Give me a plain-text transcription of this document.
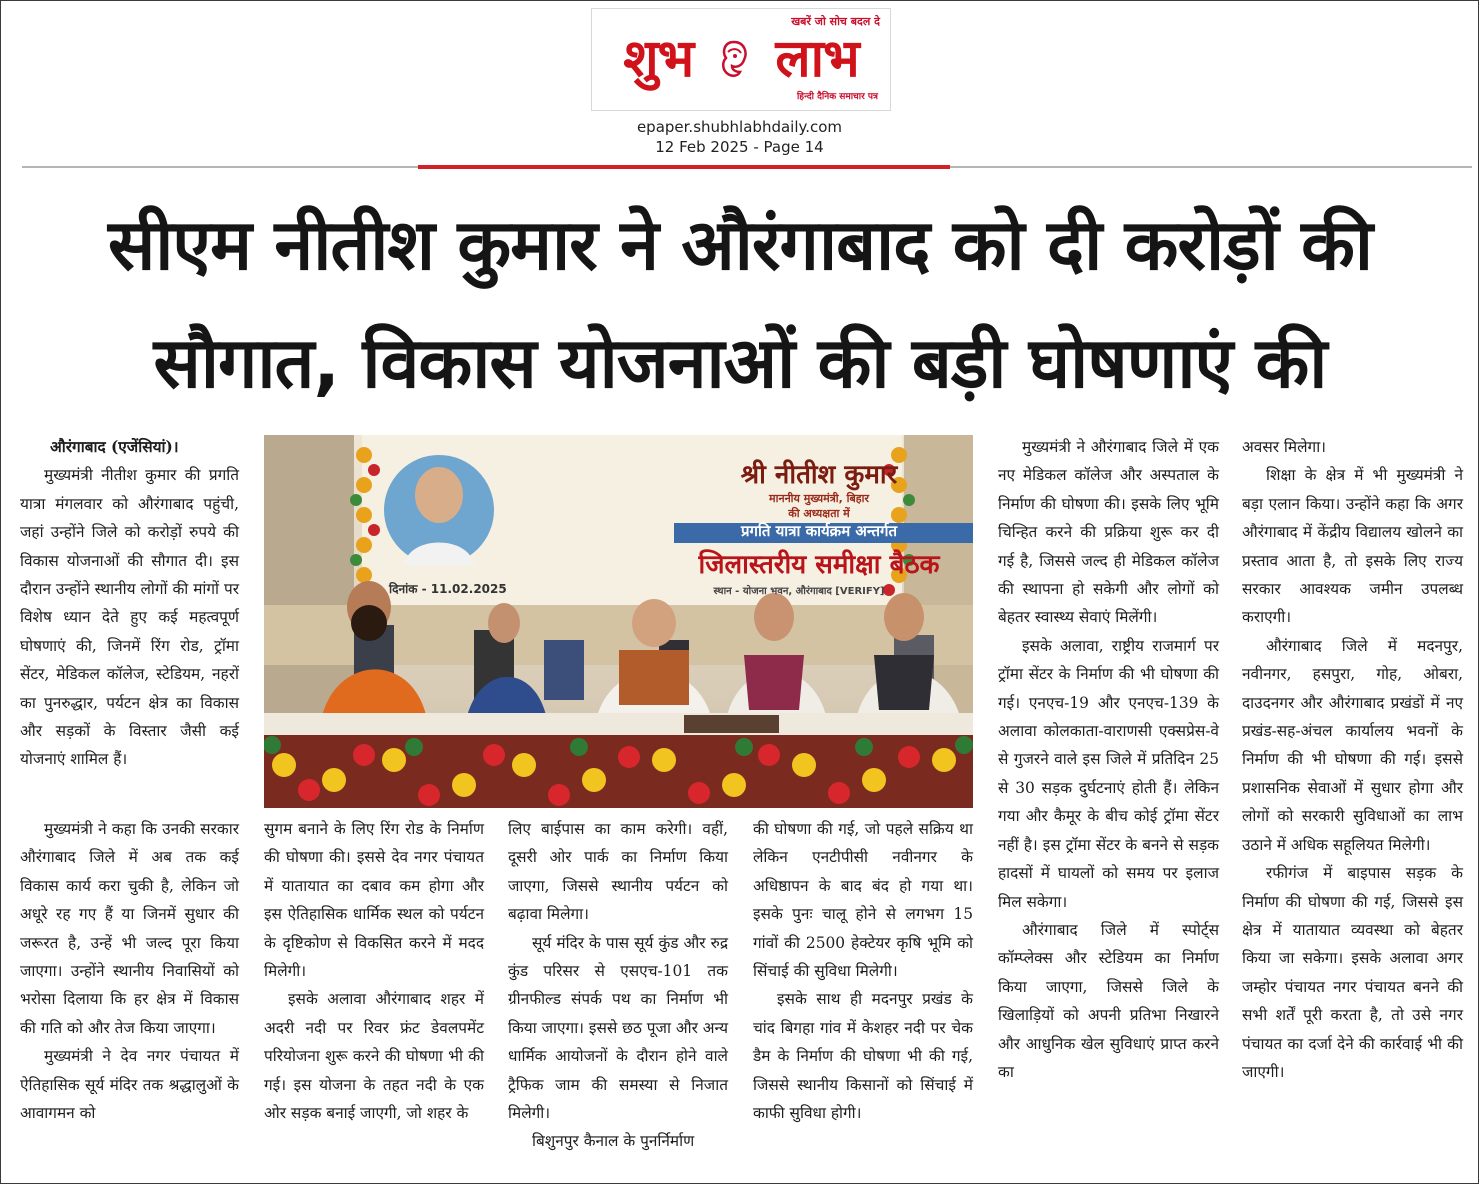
खबरें जो सोच बदल दे
शुभ लाभ
हिन्दी दैनिक समाचार पत्र
epaper.shubhlabhdaily.com
12 Feb 2025 - Page 14
सीएम नीतीश कुमार ने औरंगाबाद को दी करोड़ों की सौगात, विकास योजनाओं की बड़ी घोषणाएं की

औरंगाबाद (एजेंसियां)।

मुख्यमंत्री नीतीश कुमार की प्रगति यात्रा मंगलवार को औरंगाबाद पहुंची, जहां उन्होंने जिले को करोड़ों रुपये की विकास योजनाओं की सौगात दी। इस दौरान उन्होंने स्थानीय लोगों की मांगों पर विशेष ध्यान देते हुए कई महत्वपूर्ण घोषणाएं की, जिनमें रिंग रोड, ट्रॉमा सेंटर, मेडिकल कॉलेज, स्टेडियम, नहरों का पुनरुद्धार, पर्यटन क्षेत्र का विकास और सड़कों के विस्तार जैसी कई योजनाएं शामिल हैं।

मुख्यमंत्री ने कहा कि उनकी सरकार औरंगाबाद जिले में अब तक कई विकास कार्य करा चुकी है, लेकिन जो अधूरे रह गए हैं या जिनमें सुधार की जरूरत है, उन्हें भी जल्द पूरा किया जाएगा। उन्होंने स्थानीय निवासियों को भरोसा दिलाया कि हर क्षेत्र में विकास की गति को और तेज किया जाएगा।

मुख्यमंत्री ने देव नगर पंचायत में ऐतिहासिक सूर्य मंदिर तक श्रद्धालुओं के आवागमन को

श्री नीतीश कुमार
माननीय मुख्यमंत्री, बिहार
की अध्यक्षता में
प्रगति यात्रा कार्यक्रम अन्तर्गत
जिलास्तरीय समीक्षा बैठक
दिनांक - 11.02.2025	स्थान - योजना भवन, औरंगाबाद [VERIFY]

सुगम बनाने के लिए रिंग रोड के निर्माण की घोषणा की। इससे देव नगर पंचायत में यातायात का दबाव कम होगा और इस ऐतिहासिक धार्मिक स्थल को पर्यटन के दृष्टिकोण से विकसित करने में मदद मिलेगी।

इसके अलावा औरंगाबाद शहर में अदरी नदी पर रिवर फ्रंट डेवलपमेंट परियोजना शुरू करने की घोषणा भी की गई। इस योजना के तहत नदी के एक ओर सड़क बनाई जाएगी, जो शहर के

लिए बाईपास का काम करेगी। वहीं, दूसरी ओर पार्क का निर्माण किया जाएगा, जिससे स्थानीय पर्यटन को बढ़ावा मिलेगा।

सूर्य मंदिर के पास सूर्य कुंड और रुद्र कुंड परिसर से एसएच-101 तक ग्रीनफील्ड संपर्क पथ का निर्माण भी किया जाएगा। इससे छठ पूजा और अन्य धार्मिक आयोजनों के दौरान होने वाले ट्रैफिक जाम की समस्या से निजात मिलेगी।

बिशुनपुर कैनाल के पुनर्निर्माण

की घोषणा की गई, जो पहले सक्रिय था लेकिन एनटीपीसी नवीनगर के अधिष्ठापन के बाद बंद हो गया था। इसके पुनः चालू होने से लगभग 15 गांवों की 2500 हेक्टेयर कृषि भूमि को सिंचाई की सुविधा मिलेगी।

इसके साथ ही मदनपुर प्रखंड के चांद बिगहा गांव में केशहर नदी पर चेक डैम के निर्माण की घोषणा भी की गई, जिससे स्थानीय किसानों को सिंचाई में काफी सुविधा होगी।

मुख्यमंत्री ने औरंगाबाद जिले में एक नए मेडिकल कॉलेज और अस्पताल के निर्माण की घोषणा की। इसके लिए भूमि चिन्हित करने की प्रक्रिया शुरू कर दी गई है, जिससे जल्द ही मेडिकल कॉलेज की स्थापना हो सकेगी और लोगों को बेहतर स्वास्थ्य सेवाएं मिलेंगी।

इसके अलावा, राष्ट्रीय राजमार्ग पर ट्रॉमा सेंटर के निर्माण की भी घोषणा की गई। एनएच-19 और एनएच-139 के अलावा कोलकाता-वाराणसी एक्सप्रेस-वे से गुजरने वाले इस जिले में प्रतिदिन 25 से 30 सड़क दुर्घटनाएं होती हैं। लेकिन गया और कैमूर के बीच कोई ट्रॉमा सेंटर नहीं है। इस ट्रॉमा सेंटर के बनने से सड़क हादसों में घायलों को समय पर इलाज मिल सकेगा।

औरंगाबाद जिले में स्पोर्ट्स कॉम्प्लेक्स और स्टेडियम का निर्माण किया जाएगा, जिससे जिले के खिलाड़ियों को अपनी प्रतिभा निखारने और आधुनिक खेल सुविधाएं प्राप्त करने का

अवसर मिलेगा।

शिक्षा के क्षेत्र में भी मुख्यमंत्री ने बड़ा एलान किया। उन्होंने कहा कि अगर औरंगाबाद में केंद्रीय विद्यालय खोलने का प्रस्ताव आता है, तो इसके लिए राज्य सरकार आवश्यक जमीन उपलब्ध कराएगी।

औरंगाबाद जिले में मदनपुर, नवीनगर, हसपुरा, गोह, ओबरा, दाउदनगर और औरंगाबाद प्रखंडों में नए प्रखंड-सह-अंचल कार्यालय भवनों के निर्माण की भी घोषणा की गई। इससे प्रशासनिक सेवाओं में सुधार होगा और लोगों को सरकारी सुविधाओं का लाभ उठाने में अधिक सहूलियत मिलेगी।

रफीगंज में बाइपास सड़क के निर्माण की घोषणा की गई, जिससे इस क्षेत्र में यातायात व्यवस्था को बेहतर किया जा सकेगा। इसके अलावा अगर जम्होर पंचायत नगर पंचायत बनने की सभी शर्तें पूरी करता है, तो उसे नगर पंचायत का दर्जा देने की कार्रवाई भी की जाएगी।
